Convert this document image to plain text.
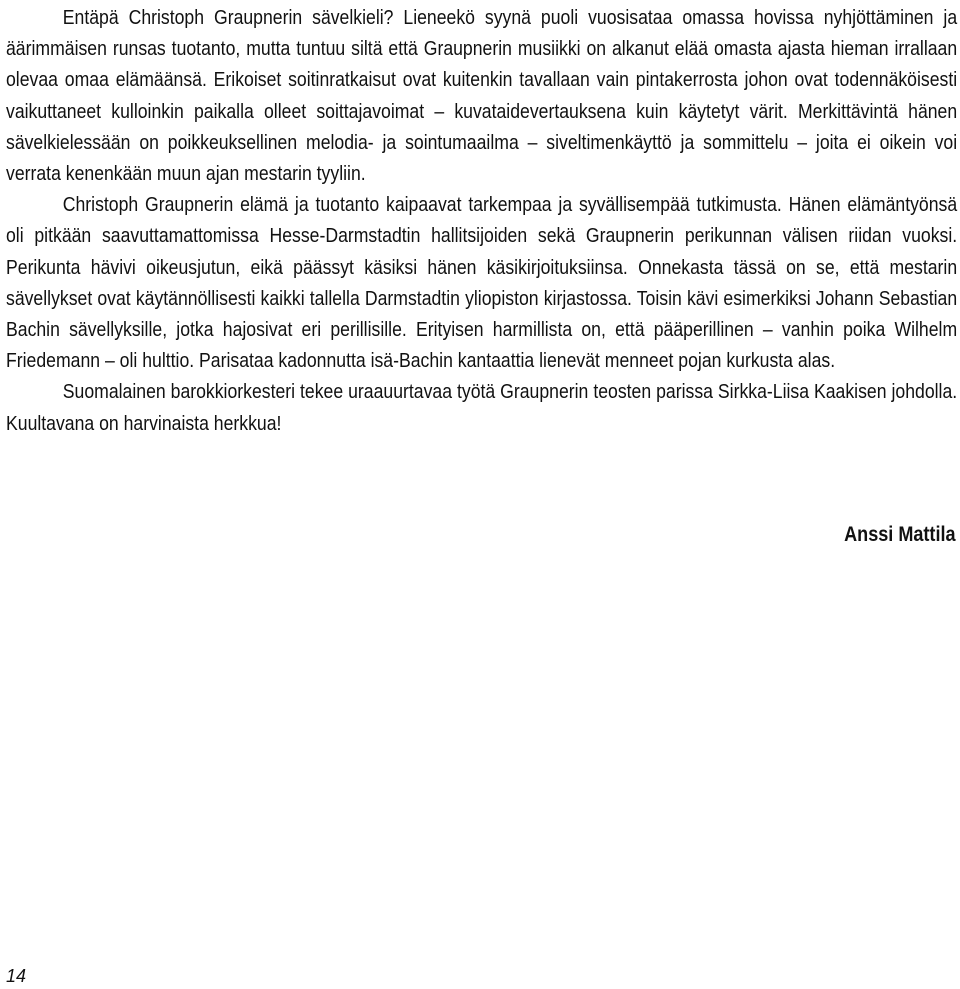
Entäpä Christoph Graupnerin sävelkieli? Lieneekö syynä puoli vuosisataa omassa hovissa nyhjöttäminen ja äärimmäisen runsas tuotanto, mutta tuntuu siltä että Graupnerin musiikki on alkanut elää omasta ajasta hieman irrallaan olevaa omaa elämäänsä. Erikoiset soitinratkaisut ovat kuitenkin tavallaan vain pintakerrosta johon ovat todennäköisesti vaikuttaneet kulloinkin paikalla olleet soittajavoimat – kuvataidevertauksena kuin käytetyt värit. Merkittävintä hänen sävelkielessään on poikkeuksellinen melodia- ja sointumaailma – siveltimenkäyttö ja sommittelu – joita ei oikein voi verrata kenenkään muun ajan mestarin tyyliin.

Christoph Graupnerin elämä ja tuotanto kaipaavat tarkempaa ja syvällisempää tutkimusta. Hänen elämäntyönsä oli pitkään saavuttamattomissa Hesse-Darmstadtin hallitsijoiden sekä Graupnerin perikunnan välisen riidan vuoksi. Perikunta hävivi oikeusjutun, eikä päässyt käsiksi hänen käsikirjoituksiinsa. Onnekasta tässä on se, että mestarin sävellykset ovat käytännöllisesti kaikki tallella Darmstadtin yliopiston kirjastossa. Toisin kävi esimerkiksi Johann Sebastian Bachin sävellyksille, jotka hajosivat eri perillisille. Erityisen harmillista on, että pääperillinen – vanhin poika Wilhelm Friedemann – oli hulttio. Parisataa kadonnutta isä-Bachin kantaattia lienevät menneet pojan kurkusta alas.

Suomalainen barokkiorkesteri tekee uraauurtavaa työtä Graupnerin teosten parissa Sirkka-Liisa Kaakisen johdolla. Kuultavana on harvinaista herkkua!

Anssi Mattila
14
